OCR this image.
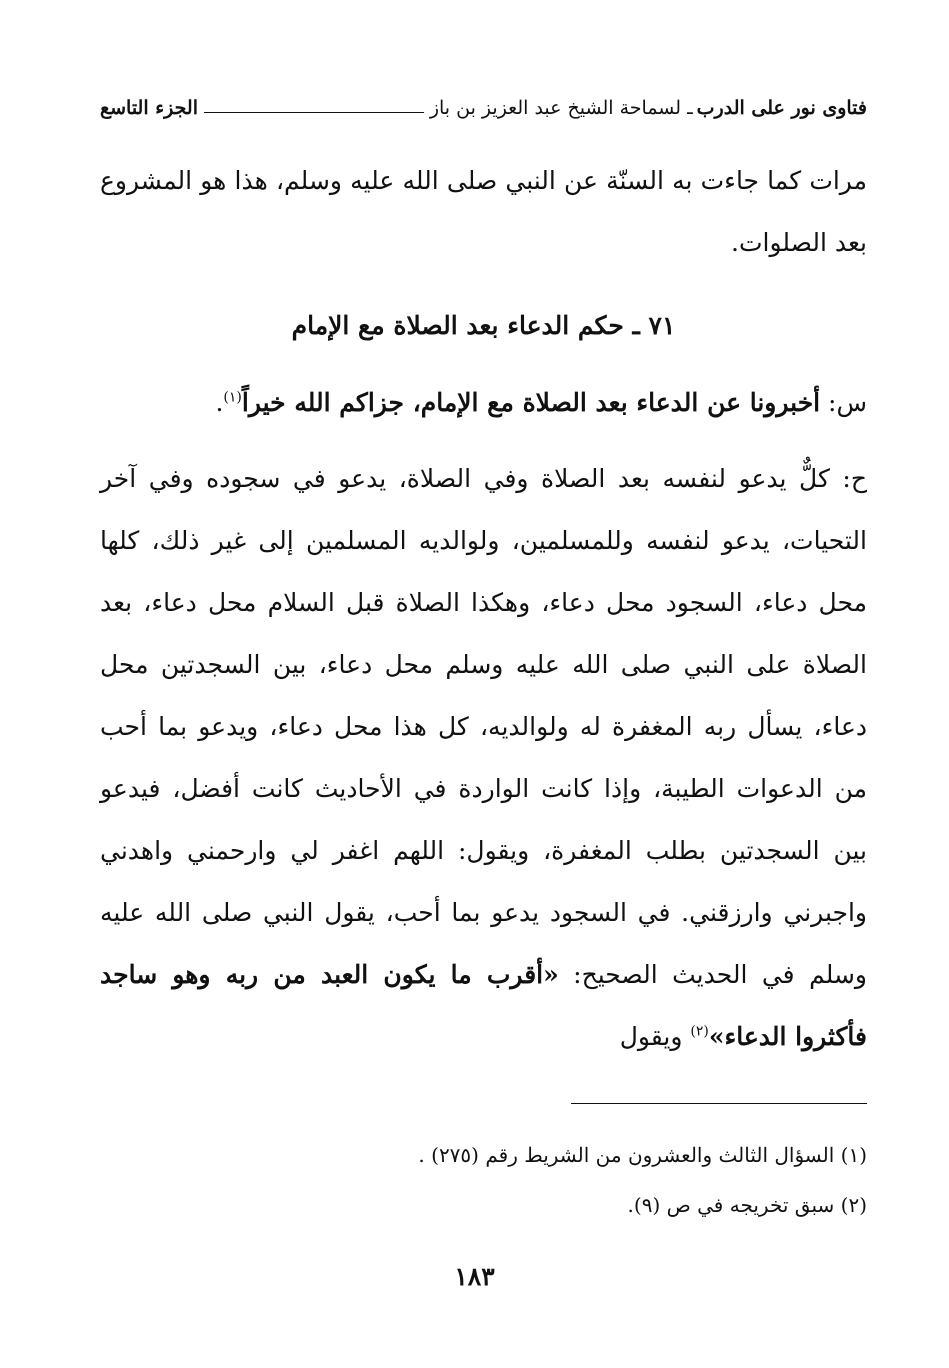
فتاوى نور على الدرب
ـ لسماحة الشيخ عبد العزيز بن باز
الجزء التاسع
مرات كما جاءت به السنّة عن النبي صلى الله عليه وسلم، هذا هو المشروع بعد الصلوات.
٧١ ـ حكم الدعاء بعد الصلاة مع الإمام
س: أخبرونا عن الدعاء بعد الصلاة مع الإمام، جزاكم الله خيراً$^{(١)}$.
ح: كلٌّ يدعو لنفسه بعد الصلاة وفي الصلاة، يدعو في سجوده وفي آخر التحيات، يدعو لنفسه وللمسلمين، ولوالديه المسلمين إلى غير ذلك، كلها محل دعاء، السجود محل دعاء، وهكذا الصلاة قبل السلام محل دعاء، بعد الصلاة على النبي صلى الله عليه وسلم محل دعاء، بين السجدتين محل دعاء، يسأل ربه المغفرة له ولوالديه، كل هذا محل دعاء، ويدعو بما أحب من الدعوات الطيبة، وإذا كانت الواردة في الأحاديث كانت أفضل، فيدعو بين السجدتين بطلب المغفرة، ويقول: اللهم اغفر لي وارحمني واهدني واجبرني وارزقني. في السجود يدعو بما أحب، يقول النبي صلى الله عليه وسلم في الحديث الصحيح: «أقرب ما يكون العبد من ربه وهو ساجد فأكثروا الدعاء»$^{(٢)}$ ويقول
(١) السؤال الثالث والعشرون من الشريط رقم (٢٧٥) .
(٢) سبق تخريجه في ص (٩).
١٨٣
